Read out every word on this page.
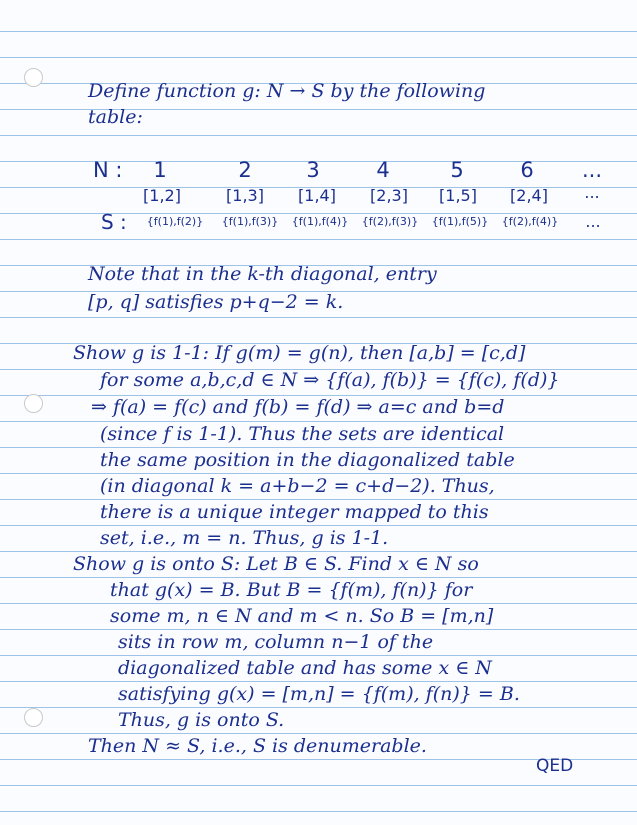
Define function g: N → S by the following
table:
N : 1	2	3	4	5	6 ...
[1,2]	[1,3] [1,4] [2,3] [1,5] [2,4] ...
S : {f(1),f(2)} {f(1),f(3)} {f(1),f(4)} {f(2),f(3)} {f(1),f(5)} {f(2),f(4)} ...
Note that in the k-th diagonal, entry
[p, q] satisfies p+q−2 = k.
Show g is 1-1: If g(m) = g(n), then [a,b] = [c,d]
for some a,b,c,d ∈ N ⇒ {f(a), f(b)} = {f(c), f(d)}
⇒ f(a) = f(c) and f(b) = f(d) ⇒ a=c and b=d
(since f is 1-1). Thus the sets are identical
the same position in the diagonalized table
(in diagonal k = a+b−2 = c+d−2). Thus,
there is a unique integer mapped to this
set, i.e., m = n. Thus, g is 1-1.
Show g is onto S: Let B ∈ S. Find x ∈ N so
that g(x) = B. But B = {f(m), f(n)} for
some m, n ∈ N and m < n. So B = [m,n]
sits in row m, column n−1 of the
diagonalized table and has some x ∈ N
satisfying g(x) = [m,n] = {f(m), f(n)} = B.
Thus, g is onto S.
Then N ≈ S, i.e., S is denumerable.
QED
